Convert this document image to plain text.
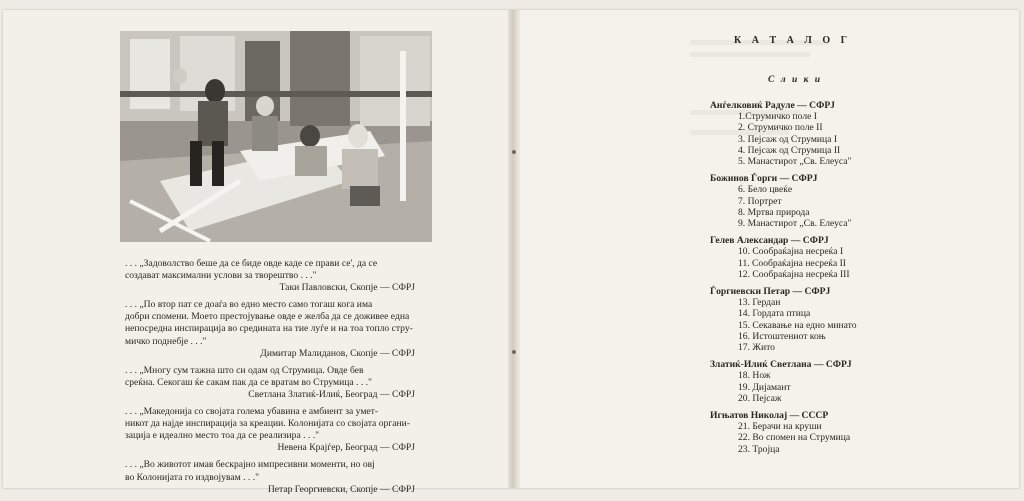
. . . „Задоволство беше да се биде овде каде се прави се', да се
создават максимални услови за творештво . . ."
Таки Павловски, Скопје — СФРЈ
. . . „По втор пат се доаѓа во едно место само тогаш кога има
добри спомени. Моето престојување овде е желба да се доживее една
непосредна инспирација во средината на тие луѓе и на тоа топло стру-
мичко поднебје . . ."
Димитар Малиданов, Скопје — СФРЈ
. . . „Многу сум тажна што си одам од Струмица. Овде бев
среќна. Секогаш ќе сакам пак да се вратам во Струмица . . ."
Светлана Златиќ-Илиќ, Београд — СФРЈ
. . . „Македонија со својата голема убавина е амбиент за умет-
никот да најде инспирација за креации. Колонијата со својата органи-
зација е идеално место тоа да се реализира . . ."
Невена Крајѓер, Београд — СФРЈ
. . . „Во животот имав бескрајно импресивни моменти, но овј
во Колонијата го издвојувам . . ."
Петар Георгиевски, Скопје — СФРЈ
К А Т А Л О Г
С л и к и
Анѓелковиќ Радуле — СФРЈ
1.Струмичко поле I
2. Струмичко поле II
3. Пејсаж од Струмица I
4. Пејсаж од Струмица II
5. Манастирот „Св. Елеуса"
Божинов Ѓорги — СФРЈ
6. Бело цвеќе
7. Портрет
8. Мртва природа
9. Манастирот „Св. Елеуса"
Гелев Александар — СФРЈ
10. Сообраќајна несреќа I
11. Сообраќајна несреќа II
12. Сообраќајна несреќа III
Ѓоргиевски Петар — СФРЈ
13. Гердан
14. Гордата птица
15. Секавање на едно минато
16. Истоштениот коњ
17. Жито
Златиќ-Илиќ Светлана — СФРЈ
18. Нож
19. Дијамант
20. Пејсаж
Игњатов Николај — СССР
21. Берачи на круши
22. Во спомен на Струмица
23. Тројца
